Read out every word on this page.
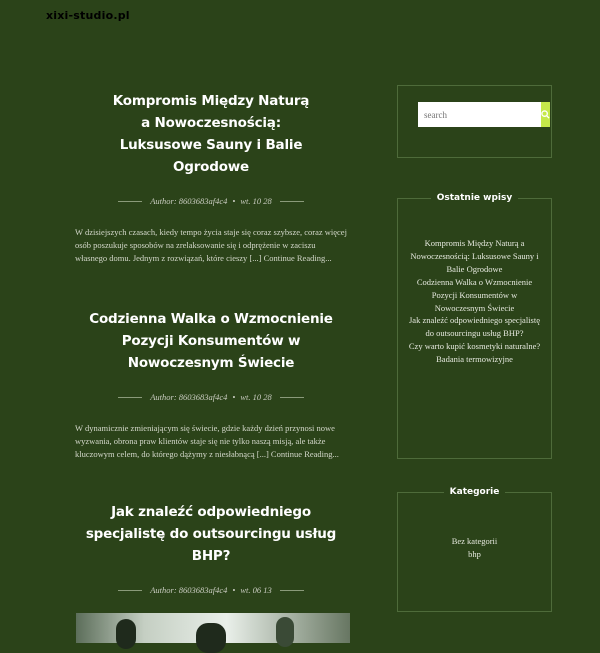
xixi-studio.pl
Kompromis Między Naturą a Nowoczesnością: Luksusowe Sauny i Balie Ogrodowe
Author: 8603683af4c4 • wt. 10 28

W dzisiejszych czasach, kiedy tempo życia staje się coraz szybsze, coraz więcej osób poszukuje sposobów na zrelaksowanie się i odprężenie w zaciszu własnego domu. Jednym z rozwiązań, które cieszy [...] Continue Reading...

Codzienna Walka o Wzmocnienie Pozycji Konsumentów w Nowoczesnym Świecie
Author: 8603683af4c4 • wt. 10 28

W dynamicznie zmieniającym się świecie, gdzie każdy dzień przynosi nowe wyzwania, obrona praw klientów staje się nie tylko naszą misją, ale także kluczowym celem, do którego dążymy z niesłabnącą [...] Continue Reading...

Jak znaleźć odpowiedniego specjalistę do outsourcingu usług BHP?
Author: 8603683af4c4 • wt. 06 13
search
Ostatnie wpisy
Kompromis Między Naturą a Nowoczesnością: Luksusowe Sauny i Balie Ogrodowe
Codzienna Walka o Wzmocnienie Pozycji Konsumentów w Nowoczesnym Świecie
Jak znaleźć odpowiedniego specjalistę do outsourcingu usług BHP?
Czy warto kupić kosmetyki naturalne?
Badania termowizyjne
Kategorie
Bez kategorii
bhp
